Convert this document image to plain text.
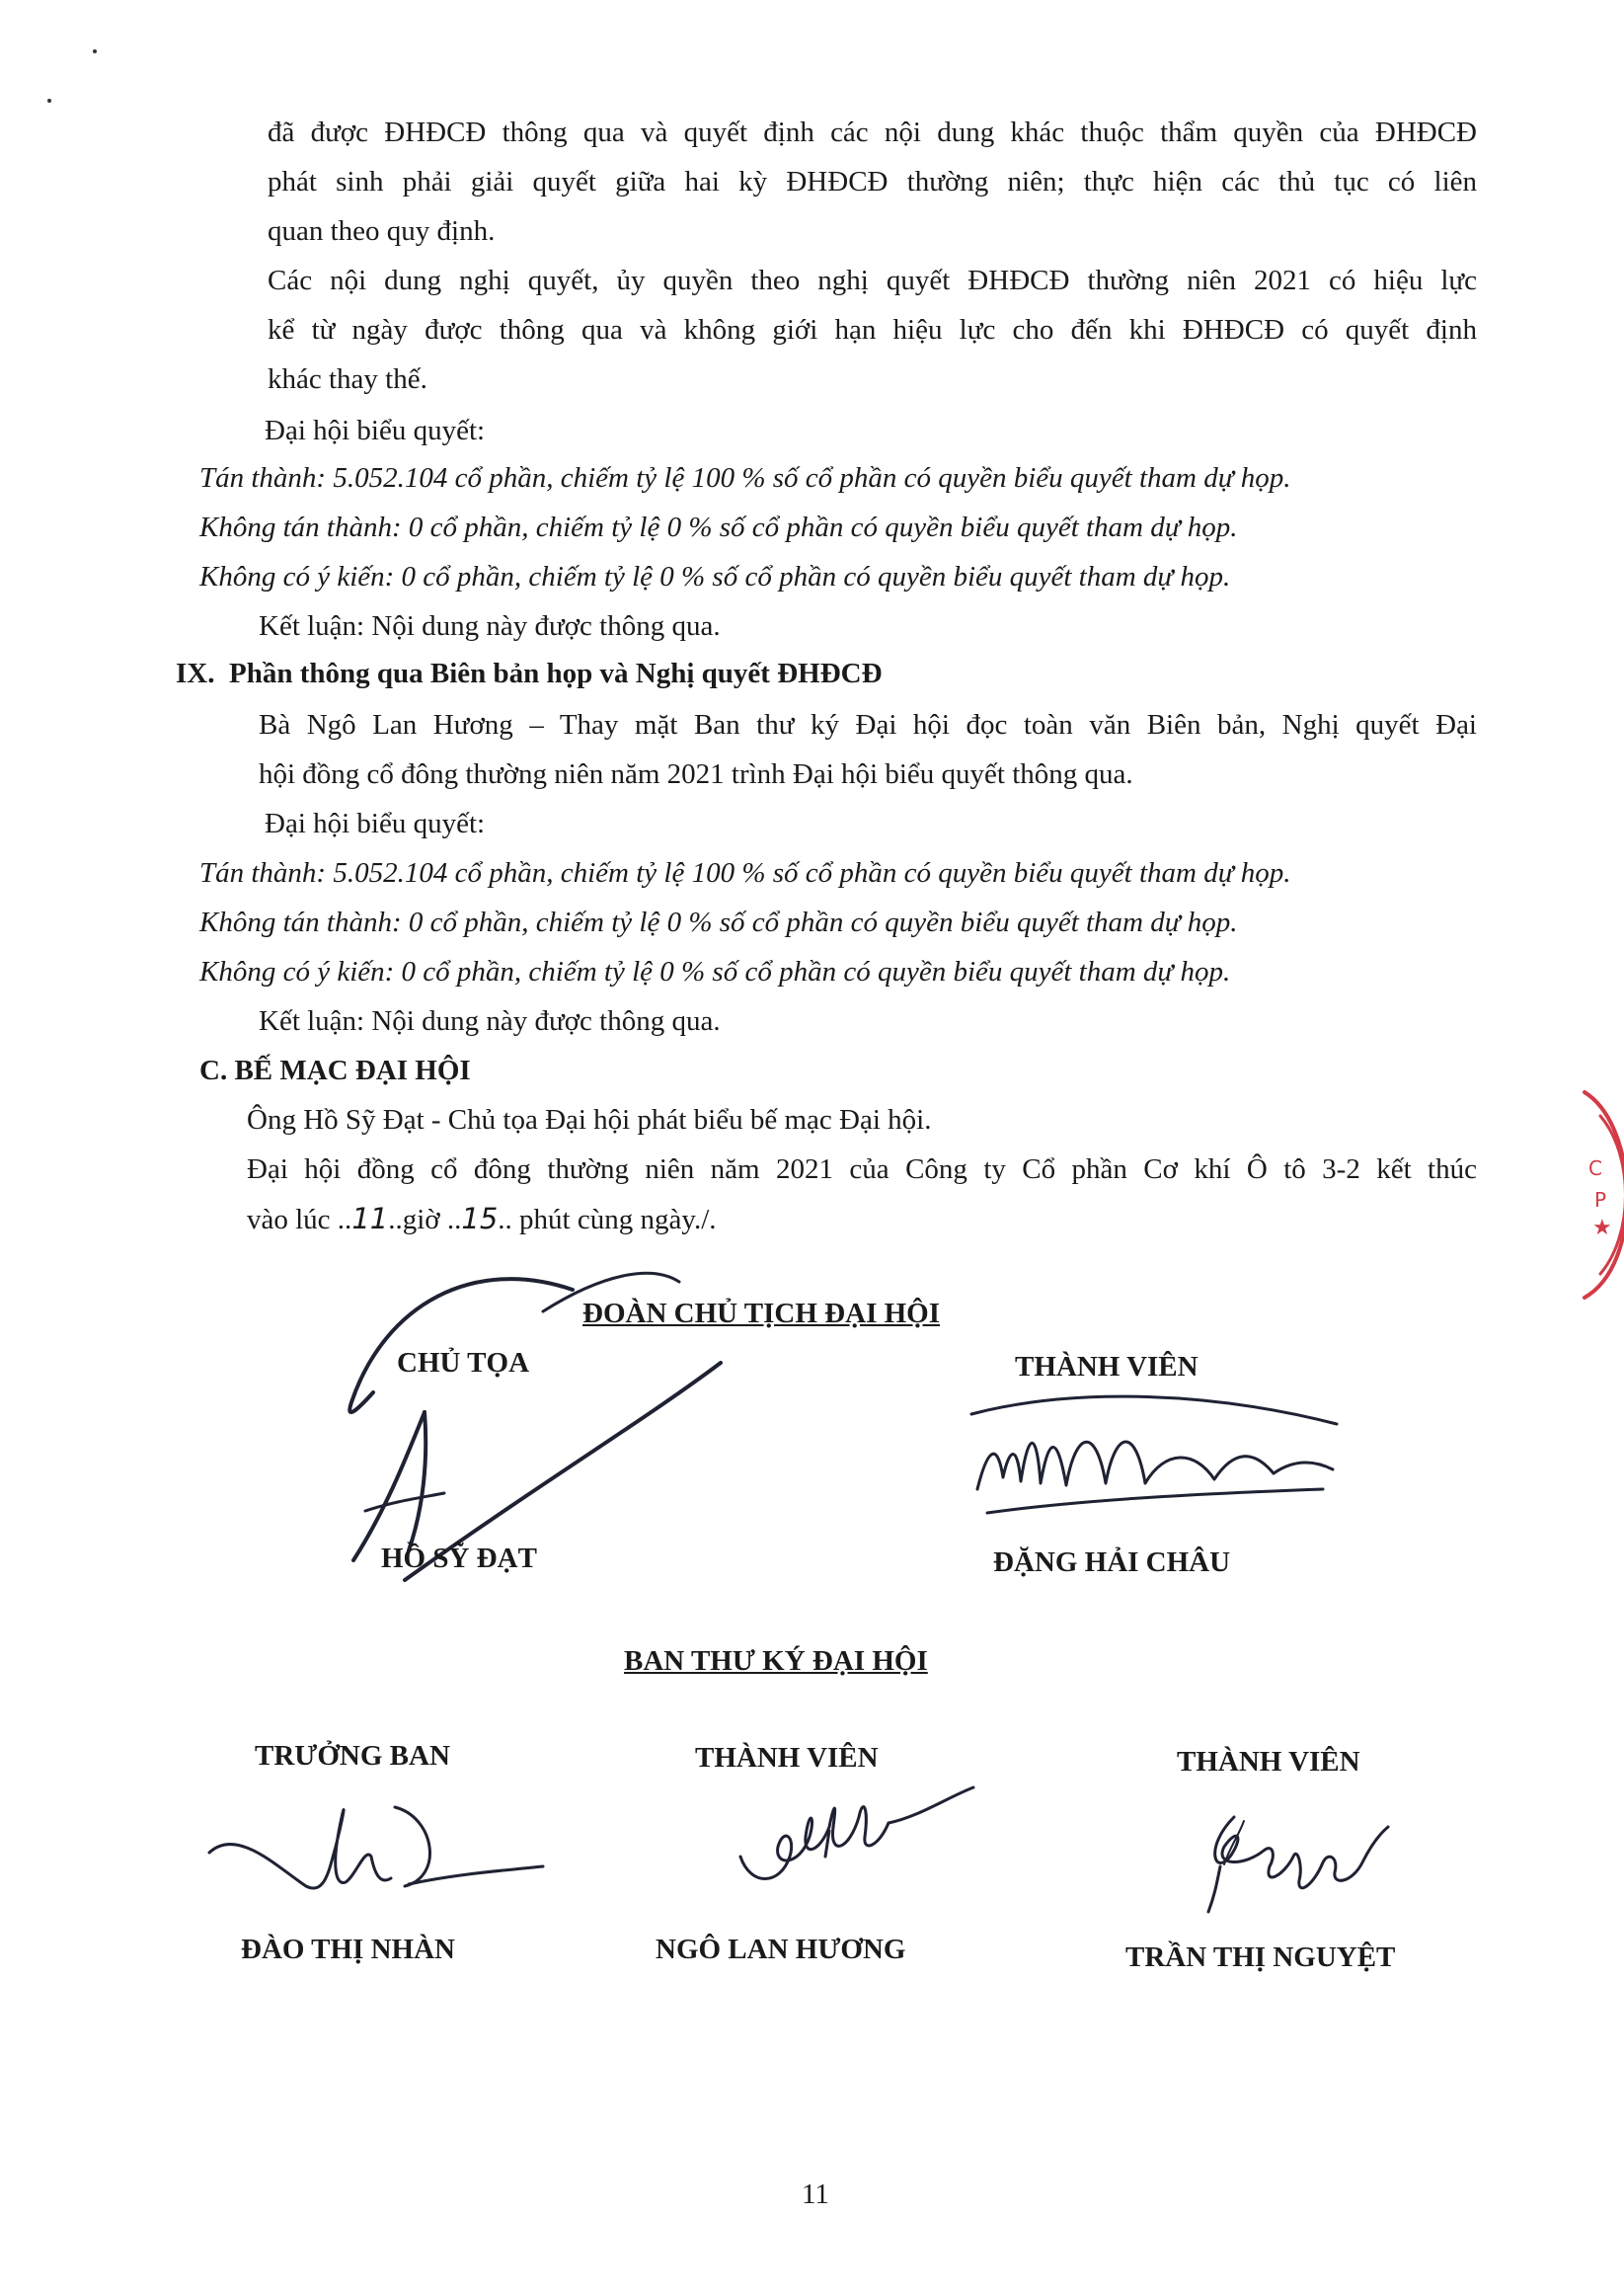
đã được ĐHĐCĐ thông qua và quyết định các nội dung khác thuộc thẩm quyền của ĐHĐCĐ
phát sinh phải giải quyết giữa hai kỳ ĐHĐCĐ thường niên; thực hiện các thủ tục có liên
quan theo quy định.
Các nội dung nghị quyết, ủy quyền theo nghị quyết ĐHĐCĐ thường niên 2021 có hiệu lực
kể từ ngày được thông qua và không giới hạn hiệu lực cho đến khi ĐHĐCĐ có quyết định
khác thay thế.
Đại hội biểu quyết:
Tán thành: 5.052.104 cổ phần, chiếm tỷ lệ 100 % số cổ phần có quyền biểu quyết tham dự họp.
Không tán thành: 0 cổ phần, chiếm tỷ lệ 0 % số cổ phần có quyền biểu quyết tham dự họp.
Không có ý kiến: 0 cổ phần, chiếm tỷ lệ 0 % số cổ phần có quyền biểu quyết tham dự họp.
Kết luận: Nội dung này được thông qua.
IX.  Phần thông qua Biên bản họp và Nghị quyết ĐHĐCĐ
Bà Ngô Lan Hương – Thay mặt Ban thư ký Đại hội đọc toàn văn Biên bản, Nghị quyết Đại
hội đồng cổ đông thường niên năm 2021 trình Đại hội biểu quyết thông qua.
Đại hội biểu quyết:
Tán thành: 5.052.104 cổ phần, chiếm tỷ lệ 100 % số cổ phần có quyền biểu quyết tham dự họp.
Không tán thành: 0 cổ phần, chiếm tỷ lệ 0 % số cổ phần có quyền biểu quyết tham dự họp.
Không có ý kiến: 0 cổ phần, chiếm tỷ lệ 0 % số cổ phần có quyền biểu quyết tham dự họp.
Kết luận: Nội dung này được thông qua.
C. BẾ MẠC ĐẠI HỘI
Ông Hồ Sỹ Đạt - Chủ tọa Đại hội phát biểu bế mạc Đại hội.
Đại hội đồng cổ đông thường niên năm 2021 của Công ty Cổ phần Cơ khí Ô tô 3-2 kết thúc
vào lúc ..11..giờ ..15.. phút cùng ngày./.
C
P
★
ĐOÀN CHỦ TỊCH ĐẠI HỘI
CHỦ TỌA	THÀNH VIÊN
HỒ SỸ ĐẠT	ĐẶNG HẢI CHÂU
BAN THƯ KÝ ĐẠI HỘI
TRƯỞNG BAN	THÀNH VIÊN	THÀNH VIÊN
ĐÀO THỊ NHÀN	NGÔ LAN HƯƠNG	TRẦN THỊ NGUYỆT
11
